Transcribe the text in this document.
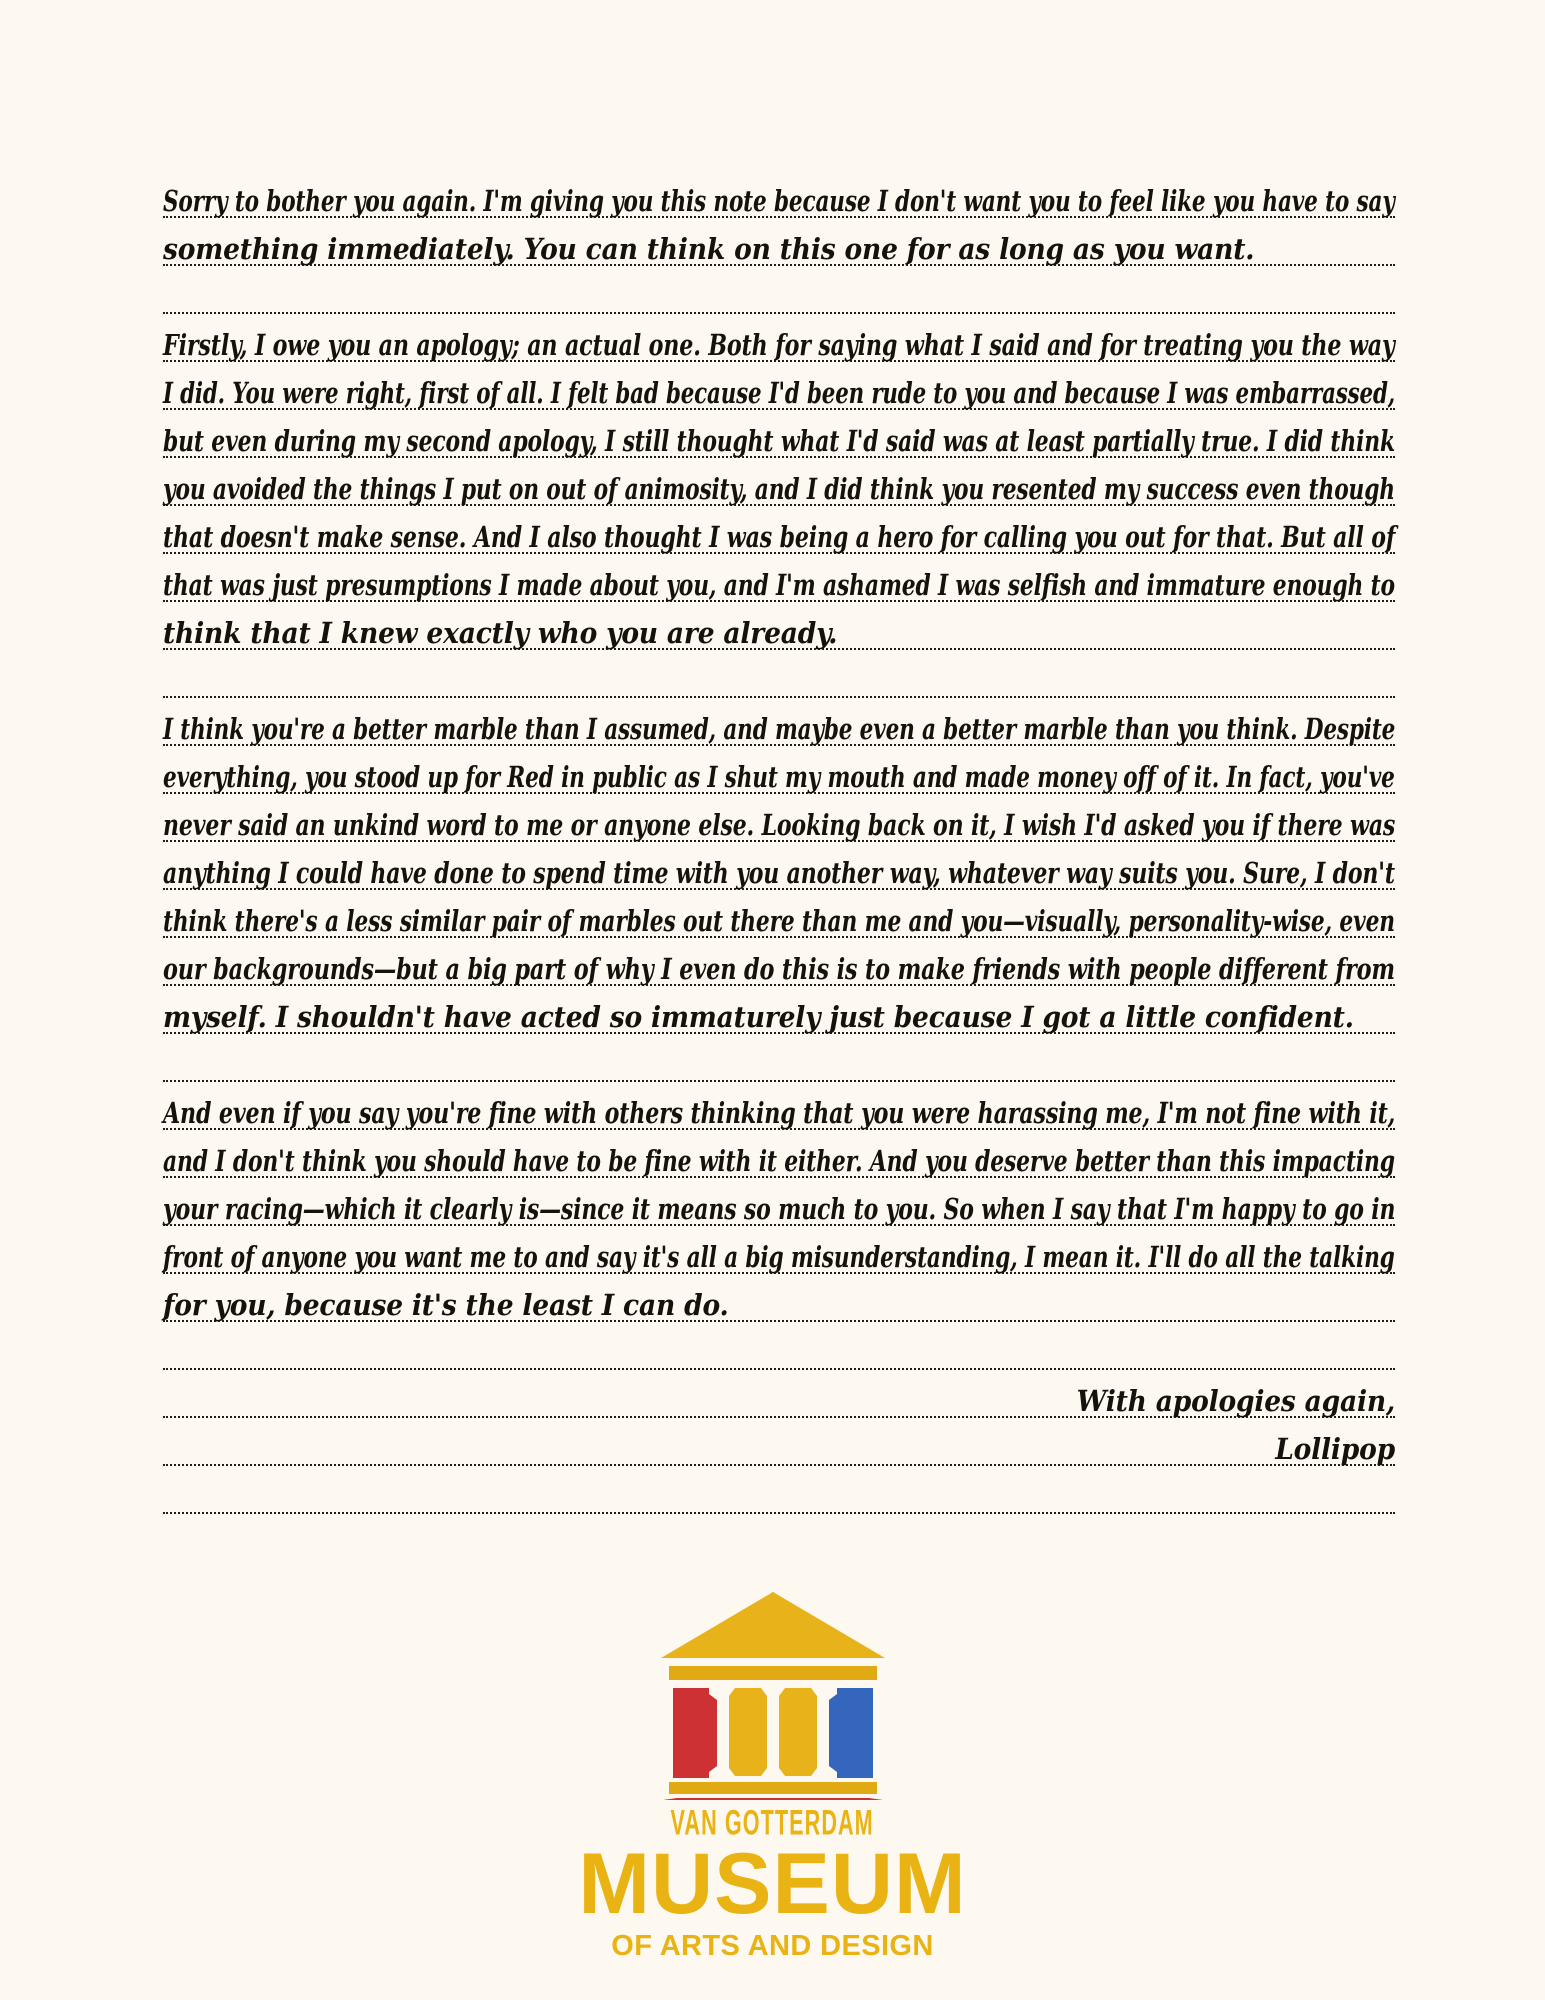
Sorry to bother you again. I'm giving you this note because I don't want you to feel like you have to say
something immediately. You can think on this one for as long as you want.
Firstly, I owe you an apology; an actual one. Both for saying what I said and for treating you the way
I did. You were right, first of all. I felt bad because I'd been rude to you and because I was embarrassed,
but even during my second apology, I still thought what I'd said was at least partially true. I did think
you avoided the things I put on out of animosity, and I did think you resented my success even though
that doesn't make sense. And I also thought I was being a hero for calling you out for that. But all of
that was just presumptions I made about you, and I'm ashamed I was selfish and immature enough to
think that I knew exactly who you are already.
I think you're a better marble than I assumed, and maybe even a better marble than you think. Despite
everything, you stood up for Red in public as I shut my mouth and made money off of it. In fact, you've
never said an unkind word to me or anyone else. Looking back on it, I wish I'd asked you if there was
anything I could have done to spend time with you another way, whatever way suits you. Sure, I don't
think there's a less similar pair of marbles out there than me and you—visually, personality-wise, even
our backgrounds—but a big part of why I even do this is to make friends with people different from
myself. I shouldn't have acted so immaturely just because I got a little confident.
And even if you say you're fine with others thinking that you were harassing me, I'm not fine with it,
and I don't think you should have to be fine with it either. And you deserve better than this impacting
your racing—which it clearly is—since it means so much to you. So when I say that I'm happy to go in
front of anyone you want me to and say it's all a big misunderstanding, I mean it. I'll do all the talking
for you, because it's the least I can do.
With apologies again,
Lollipop
VAN GOTTERDAM
MUSEUM
OF ARTS AND DESIGN
